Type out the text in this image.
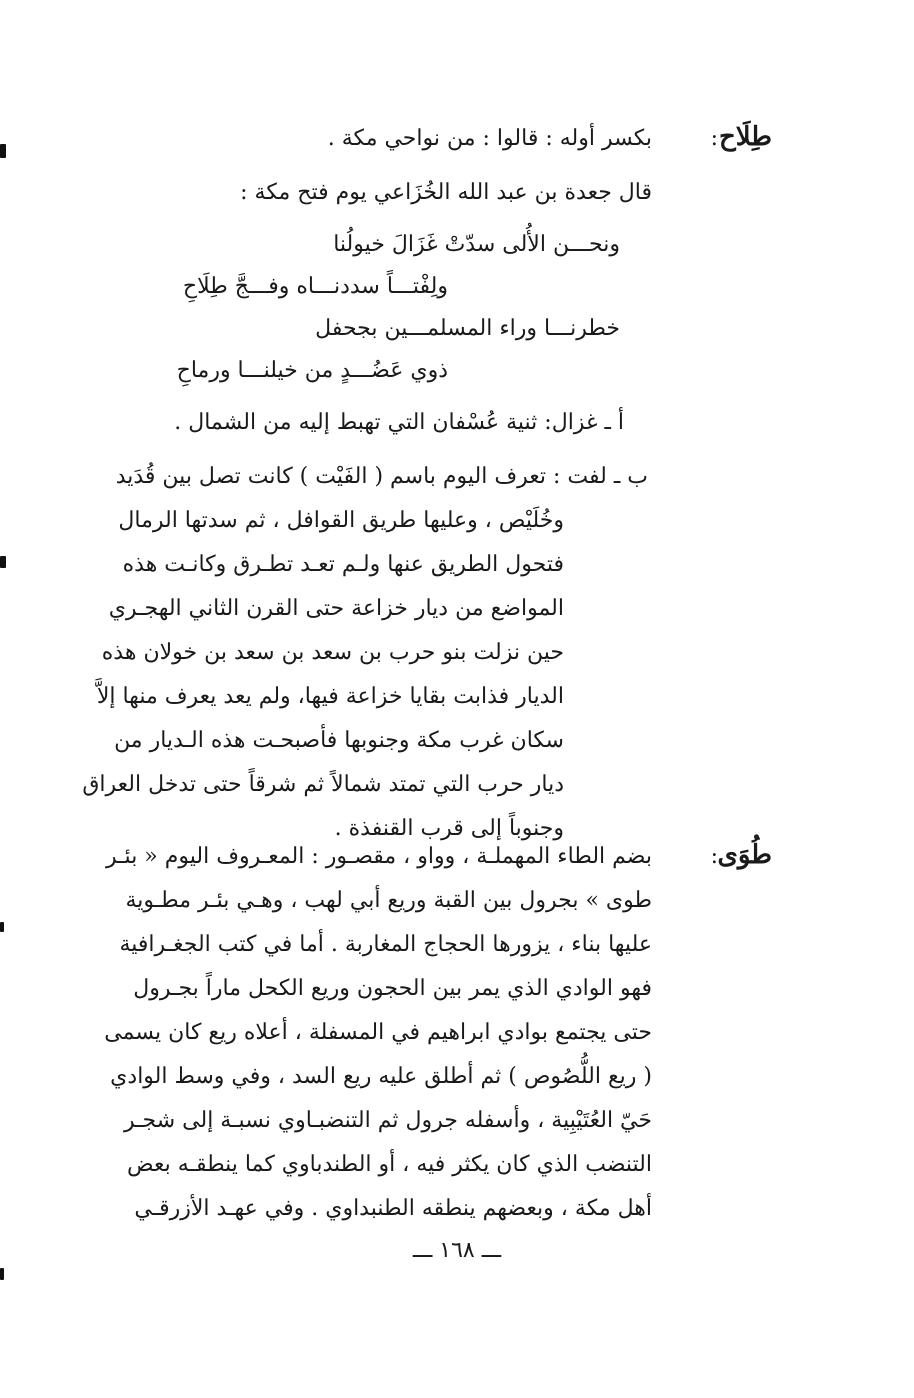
طِلَاح
:
بكسر أوله : قالوا : من نواحي مكة .
قال جعدة بن عبد الله الخُزَاعي يوم فتح مكة :
ونحـــن الأُلى سدّتْ غَزَالَ خيولُنا
ولِفْتـــاً سددنـــاه وفـــجَّ طِلَاحِ
خطرنـــا وراء المسلمـــين بجحفل
ذوي عَضُـــدٍ من خيلنـــا ورماحِ
أ ـ غزال: ثنية عُسْفان التي تهبط إليه من الشمال .
ب ـ لفت : تعرف اليوم باسم ( الفَيْت ) كانت تصل بين قُدَيد
وخُلَيْص ، وعليها طريق القوافل ، ثم سدتها الرمال
فتحول الطريق عنها ولـم تعـد تطـرق وكانـت هذه
المواضع من ديار خزاعة حتى القرن الثاني الهجـري
حين نزلت بنو حرب بن سعد بن سعد بن خولان هذه
الديار فذابت بقايا خزاعة فيها، ولم يعد يعرف منها إلاَّ
سكان غرب مكة وجنوبها فأصبحـت هذه الـديار من
ديار حرب التي تمتد شمالاً ثم شرقاً حتى تدخل العراق
وجنوباً إلى قرب القنفذة .
طُوَى
:
بضم الطاء المهملـة ، وواو ، مقصـور : المعـروف اليوم « بئـر
طوى » بجرول بين القبة وريع أبي لهب ، وهـي بئـر مطـوية
عليها بناء ، يزورها الحجاج المغاربة . أما في كتب الجغـرافية
فهو الوادي الذي يمر بين الحجون وريع الكحل ماراً بجـرول
حتى يجتمع بوادي ابراهيم في المسفلة ، أعلاه ريع كان يسمى
( ريع اللُّصُوص ) ثم أطلق عليه ريع السد ، وفي وسط الوادي
حَيّ العُتَيْبِية ، وأسفله جرول ثم التنضبـاوي نسبـة إلى شجـر
التنضب الذي كان يكثر فيه ، أو الطندباوي كما ينطقـه بعض
أهل مكة ، وبعضهم ينطقه الطنبداوي . وفي عهـد الأزرقـي
ـــ ١٦٨ ـــ
